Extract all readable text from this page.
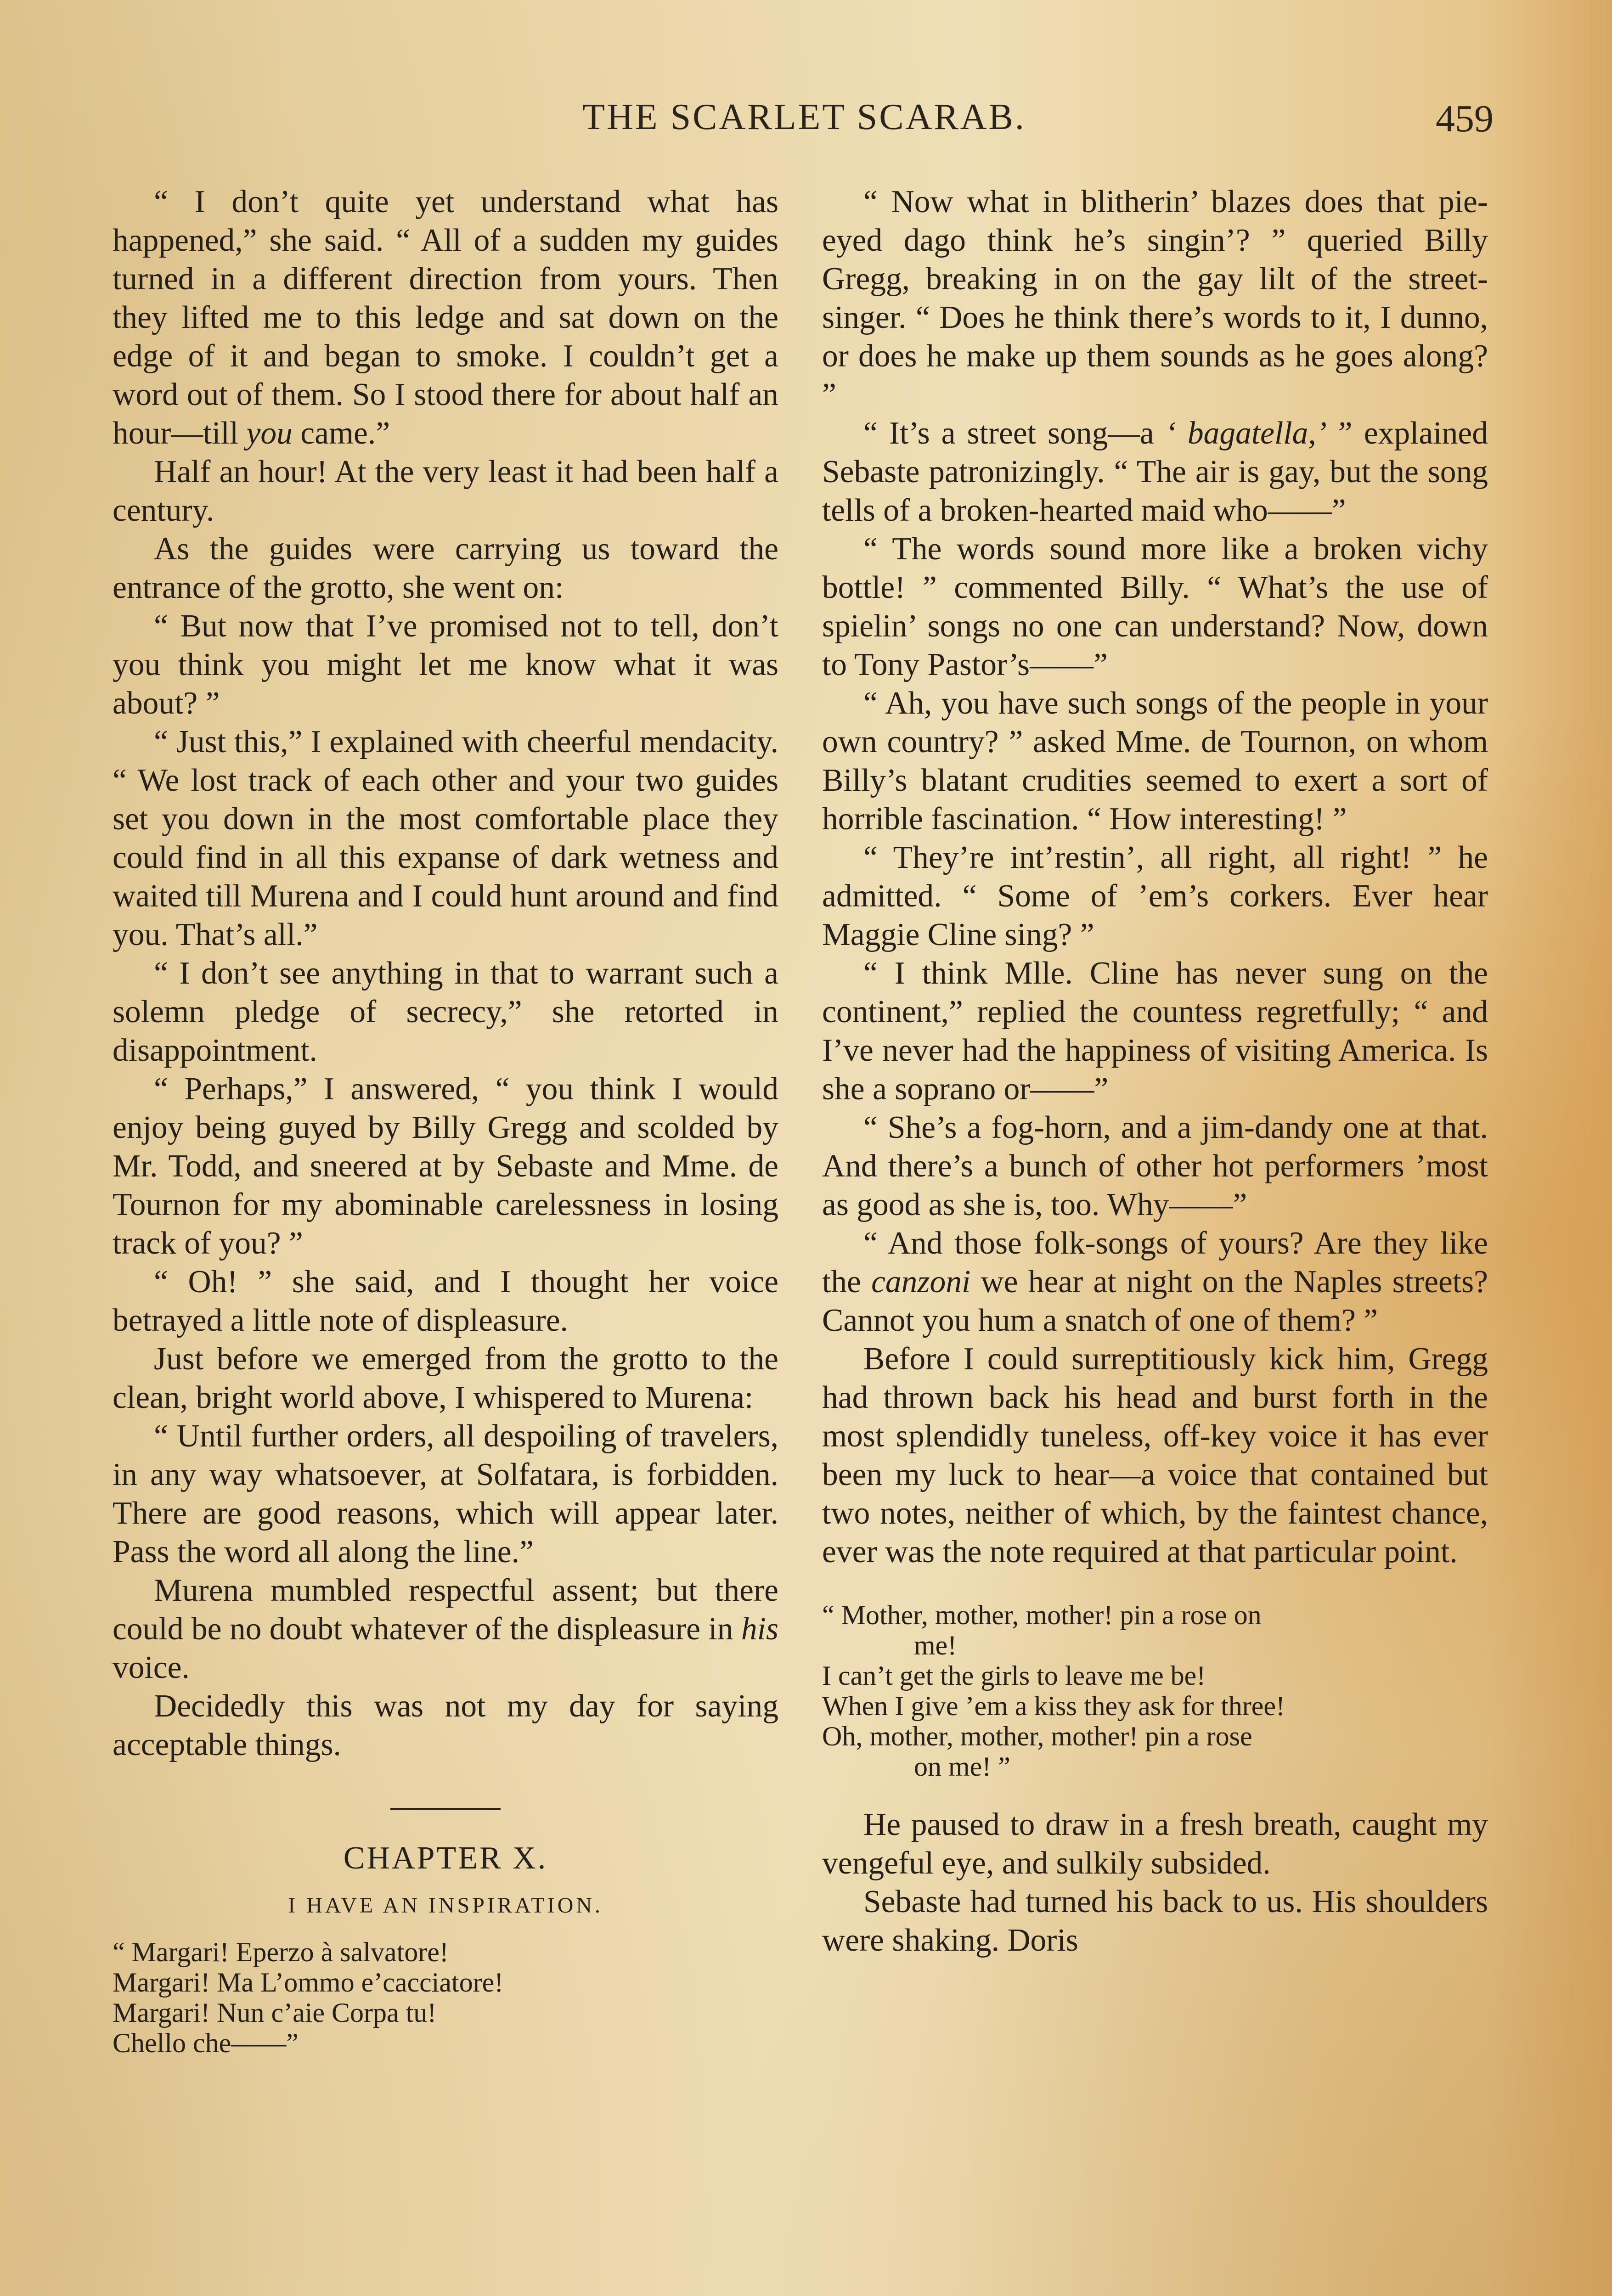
THE SCARLET SCARAB.	459

“ I don’t quite yet understand what has happened,” she said. “ All of a sudden my guides turned in a different direction from yours. Then they lifted me to this ledge and sat down on the edge of it and began to smoke. I couldn’t get a word out of them. So I stood there for about half an hour—till you came.”

Half an hour! At the very least it had been half a century.

As the guides were carrying us toward the entrance of the grotto, she went on:

“ But now that I’ve promised not to tell, don’t you think you might let me know what it was about? ”

“ Just this,” I explained with cheerful mendacity. “ We lost track of each other and your two guides set you down in the most comfortable place they could find in all this expanse of dark wetness and waited till Murena and I could hunt around and find you. That’s all.”

“ I don’t see anything in that to warrant such a solemn pledge of secrecy,” she retorted in disappointment.

“ Perhaps,” I answered, “ you think I would enjoy being guyed by Billy Gregg and scolded by Mr. Todd, and sneered at by Sebaste and Mme. de Tournon for my abominable carelessness in losing track of you? ”

“ Oh! ” she said, and I thought her voice betrayed a little note of displeasure.

Just before we emerged from the grotto to the clean, bright world above, I whispered to Murena:

“ Until further orders, all despoiling of travelers, in any way whatsoever, at Solfatara, is forbidden. There are good reasons, which will appear later. Pass the word all along the line.”

Murena mumbled respectful assent; but there could be no doubt whatever of the displeasure in his voice.

Decidedly this was not my day for saying acceptable things.

CHAPTER X.
I HAVE AN INSPIRATION.
“ Margari! Eperzo à salvatore!
Margari! Ma L’ommo e’cacciatore!
Margari! Nun c’aie Corpa tu!
Chello che——”

“ Now what in blitherin’ blazes does that pie-eyed dago think he’s singin’? ” queried Billy Gregg, breaking in on the gay lilt of the street-singer. “ Does he think there’s words to it, I dunno, or does he make up them sounds as he goes along? ”

“ It’s a street song—a ‘ bagatella,’ ” explained Sebaste patronizingly. “ The air is gay, but the song tells of a broken-hearted maid who——”

“ The words sound more like a broken vichy bottle! ” commented Billy. “ What’s the use of spielin’ songs no one can understand? Now, down to Tony Pastor’s——”

“ Ah, you have such songs of the people in your own country? ” asked Mme. de Tournon, on whom Billy’s blatant crudities seemed to exert a sort of horrible fascination. “ How interesting! ”

“ They’re int’restin’, all right, all right! ” he admitted. “ Some of ’em’s corkers. Ever hear Maggie Cline sing? ”

“ I think Mlle. Cline has never sung on the continent,” replied the countess regretfully; “ and I’ve never had the happiness of visiting America. Is she a soprano or——”

“ She’s a fog-horn, and a jim-dandy one at that. And there’s a bunch of other hot performers ’most as good as she is, too. Why——”

“ And those folk-songs of yours? Are they like the canzoni we hear at night on the Naples streets? Cannot you hum a snatch of one of them? ”

Before I could surreptitiously kick him, Gregg had thrown back his head and burst forth in the most splendidly tuneless, off-key voice it has ever been my luck to hear—a voice that contained but two notes, neither of which, by the faintest chance, ever was the note required at that particular point.

“ Mother, mother, mother! pin a rose on
me!
I can’t get the girls to leave me be!
When I give ’em a kiss they ask for three!
Oh, mother, mother, mother! pin a rose
on me! ”

He paused to draw in a fresh breath, caught my vengeful eye, and sulkily subsided.

Sebaste had turned his back to us. His shoulders were shaking. Doris
